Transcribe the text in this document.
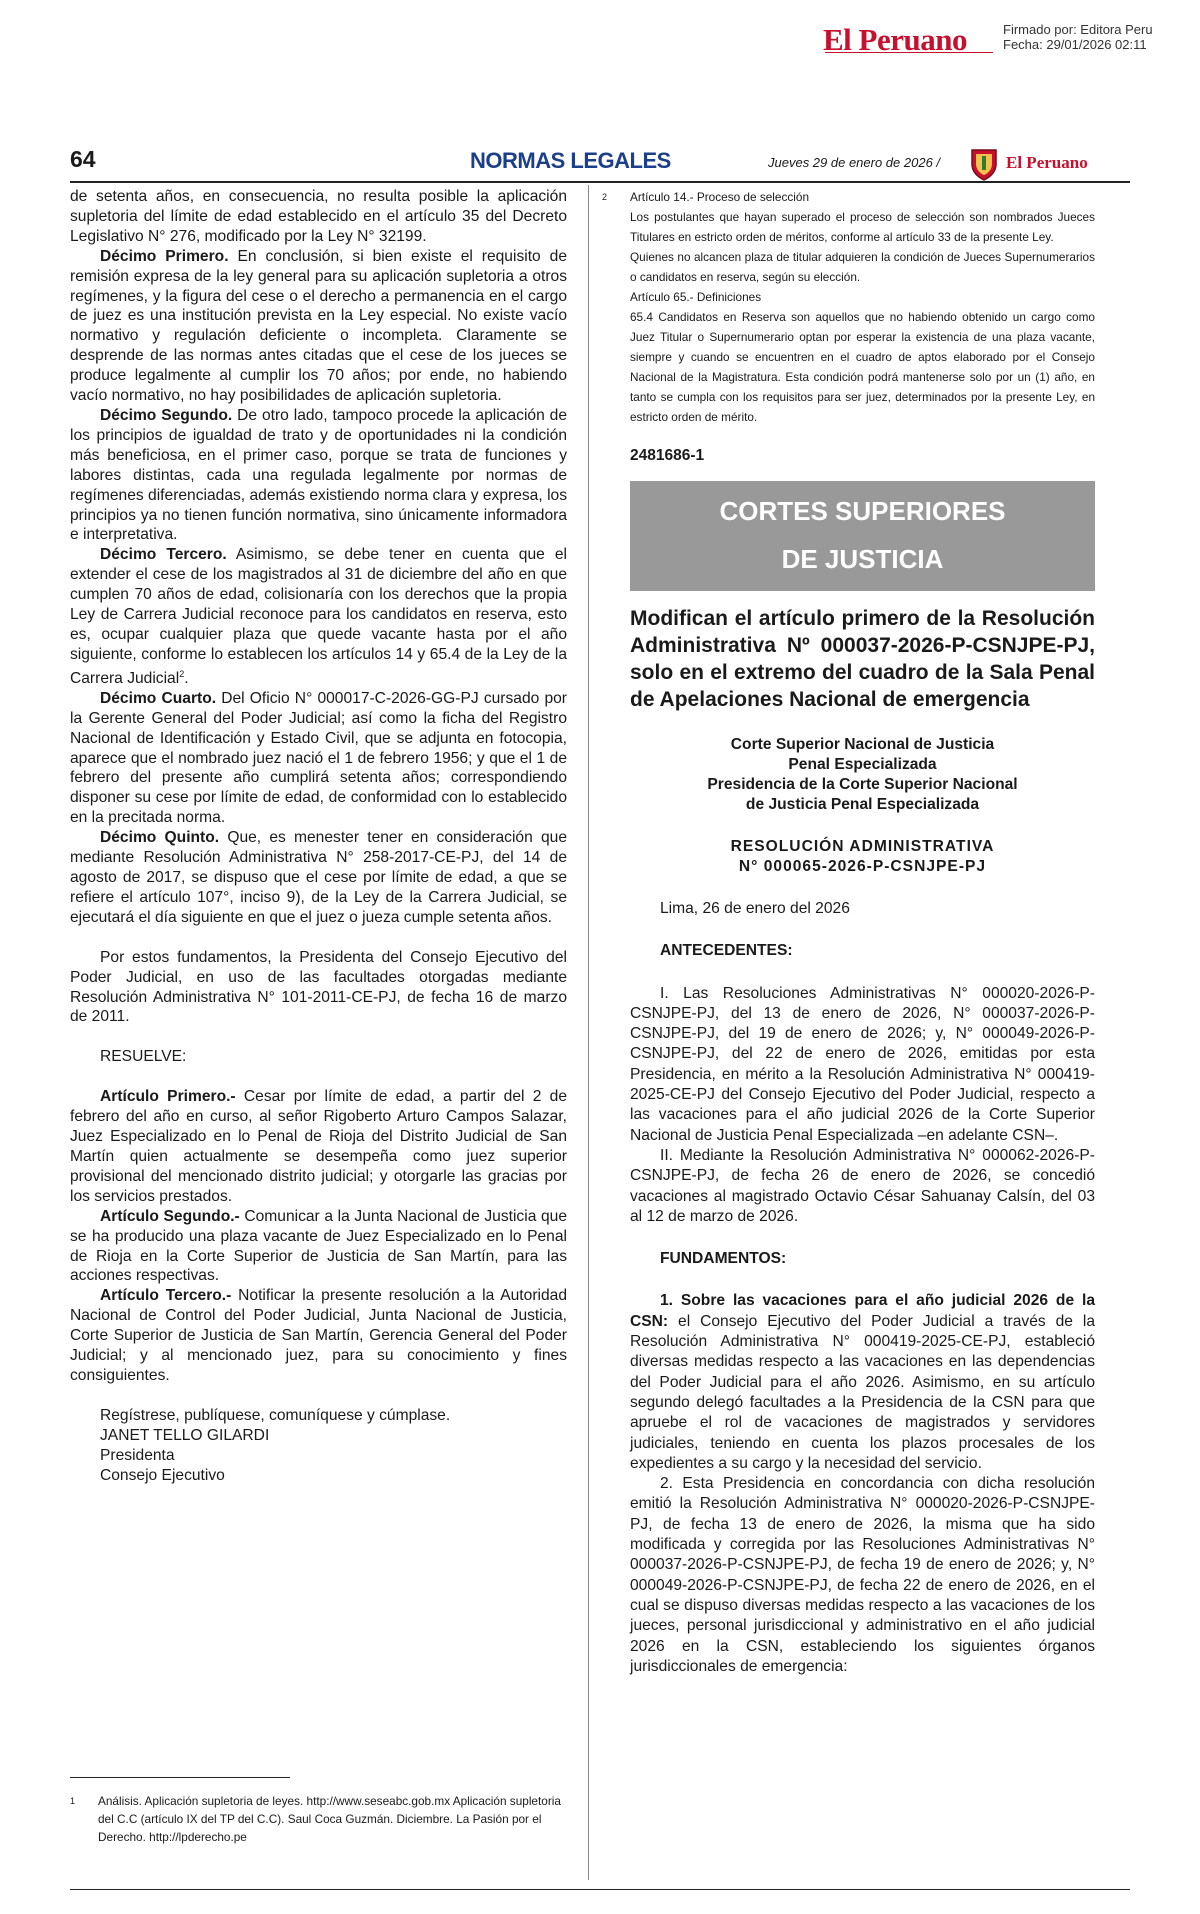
El Peruano	Firmado por: Editora Peru
Fecha: 29/01/2026 02:11
64	NORMAS LEGALES	Jueves 29 de enero de 2026 /	El Peruano

de setenta años, en consecuencia, no resulta posible la aplicación supletoria del límite de edad establecido en el artículo 35 del Decreto Legislativo N° 276, modificado por la Ley N° 32199.

Décimo Primero. En conclusión, si bien existe el requisito de remisión expresa de la ley general para su aplicación supletoria a otros regímenes, y la figura del cese o el derecho a permanencia en el cargo de juez es una institución prevista en la Ley especial. No existe vacío normativo y regulación deficiente o incompleta. Claramente se desprende de las normas antes citadas que el cese de los jueces se produce legalmente al cumplir los 70 años; por ende, no habiendo vacío normativo, no hay posibilidades de aplicación supletoria.

Décimo Segundo. De otro lado, tampoco procede la aplicación de los principios de igualdad de trato y de oportunidades ni la condición más beneficiosa, en el primer caso, porque se trata de funciones y labores distintas, cada una regulada legalmente por normas de regímenes diferenciadas, además existiendo norma clara y expresa, los principios ya no tienen función normativa, sino únicamente informadora e interpretativa.

Décimo Tercero. Asimismo, se debe tener en cuenta que el extender el cese de los magistrados al 31 de diciembre del año en que cumplen 70 años de edad, colisionaría con los derechos que la propia Ley de Carrera Judicial reconoce para los candidatos en reserva, esto es, ocupar cualquier plaza que quede vacante hasta por el año siguiente, conforme lo establecen los artículos 14 y 65.4 de la Ley de la Carrera Judicial$^2$.

Décimo Cuarto. Del Oficio N° 000017-C-2026-GG-PJ cursado por la Gerente General del Poder Judicial; así como la ficha del Registro Nacional de Identificación y Estado Civil, que se adjunta en fotocopia, aparece que el nombrado juez nació el 1 de febrero 1956; y que el 1 de febrero del presente año cumplirá setenta años; correspondiendo disponer su cese por límite de edad, de conformidad con lo establecido en la precitada norma.

Décimo Quinto. Que, es menester tener en consideración que mediante Resolución Administrativa N° 258-2017-CE-PJ, del 14 de agosto de 2017, se dispuso que el cese por límite de edad, a que se refiere el artículo 107°, inciso 9), de la Ley de la Carrera Judicial, se ejecutará el día siguiente en que el juez o jueza cumple setenta años.

Por estos fundamentos, la Presidenta del Consejo Ejecutivo del Poder Judicial, en uso de las facultades otorgadas mediante Resolución Administrativa N° 101-2011-CE-PJ, de fecha 16 de marzo de 2011.

RESUELVE:

Artículo Primero.- Cesar por límite de edad, a partir del 2 de febrero del año en curso, al señor Rigoberto Arturo Campos Salazar, Juez Especializado en lo Penal de Rioja del Distrito Judicial de San Martín quien actualmente se desempeña como juez superior provisional del mencionado distrito judicial; y otorgarle las gracias por los servicios prestados.

Artículo Segundo.- Comunicar a la Junta Nacional de Justicia que se ha producido una plaza vacante de Juez Especializado en lo Penal de Rioja en la Corte Superior de Justicia de San Martín, para las acciones respectivas.

Artículo Tercero.- Notificar la presente resolución a la Autoridad Nacional de Control del Poder Judicial, Junta Nacional de Justicia, Corte Superior de Justicia de San Martín, Gerencia General del Poder Judicial; y al mencionado juez, para su conocimiento y fines consiguientes.

Regístrese, publíquese, comuníquese y cúmplase.

JANET TELLO GILARDI

Presidenta

Consejo Ejecutivo

1 Análisis. Aplicación supletoria de leyes. http://www.seseabc.gob.mx Aplicación supletoria del C.C (artículo IX del TP del C.C). Saul Coca Guzmán. Diciembre. La Pasión por el Derecho. http://lpderecho.pe

2 Artículo 14.- Proceso de selección

Los postulantes que hayan superado el proceso de selección son nombrados Jueces Titulares en estricto orden de méritos, conforme al artículo 33 de la presente Ley.

Quienes no alcancen plaza de titular adquieren la condición de Jueces Supernumerarios o candidatos en reserva, según su elección.

Artículo 65.- Definiciones

65.4 Candidatos en Reserva son aquellos que no habiendo obtenido un cargo como Juez Titular o Supernumerario optan por esperar la existencia de una plaza vacante, siempre y cuando se encuentren en el cuadro de aptos elaborado por el Consejo Nacional de la Magistratura. Esta condición podrá mantenerse solo por un (1) año, en tanto se cumpla con los requisitos para ser juez, determinados por la presente Ley, en estricto orden de mérito.

2481686-1
CORTES SUPERIORES
DE JUSTICIA
Modifican el artículo primero de la Resolución Administrativa Nº 000037-2026-P-CSNJPE-PJ, solo en el extremo del cuadro de la Sala Penal de Apelaciones Nacional de emergencia
Corte Superior Nacional de Justicia
Penal Especializada
Presidencia de la Corte Superior Nacional
de Justicia Penal Especializada
RESOLUCIÓN ADMINISTRATIVA
N° 000065-2026-P-CSNJPE-PJ

Lima, 26 de enero del 2026

ANTECEDENTES:

I. Las Resoluciones Administrativas N° 000020-2026-P-CSNJPE-PJ, del 13 de enero de 2026, N° 000037-2026-P-CSNJPE-PJ, del 19 de enero de 2026; y, N° 000049-2026-P-CSNJPE-PJ, del 22 de enero de 2026, emitidas por esta Presidencia, en mérito a la Resolución Administrativa N° 000419-2025-CE-PJ del Consejo Ejecutivo del Poder Judicial, respecto a las vacaciones para el año judicial 2026 de la Corte Superior Nacional de Justicia Penal Especializada –en adelante CSN–.

II. Mediante la Resolución Administrativa N° 000062-2026-P-CSNJPE-PJ, de fecha 26 de enero de 2026, se concedió vacaciones al magistrado Octavio César Sahuanay Calsín, del 03 al 12 de marzo de 2026.

FUNDAMENTOS:

1. Sobre las vacaciones para el año judicial 2026 de la CSN: el Consejo Ejecutivo del Poder Judicial a través de la Resolución Administrativa N° 000419-2025-CE-PJ, estableció diversas medidas respecto a las vacaciones en las dependencias del Poder Judicial para el año 2026. Asimismo, en su artículo segundo delegó facultades a la Presidencia de la CSN para que apruebe el rol de vacaciones de magistrados y servidores judiciales, teniendo en cuenta los plazos procesales de los expedientes a su cargo y la necesidad del servicio.

2. Esta Presidencia en concordancia con dicha resolución emitió la Resolución Administrativa N° 000020-2026-P-CSNJPE-PJ, de fecha 13 de enero de 2026, la misma que ha sido modificada y corregida por las Resoluciones Administrativas N° 000037-2026-P-CSNJPE-PJ, de fecha 19 de enero de 2026; y, N° 000049-2026-P-CSNJPE-PJ, de fecha 22 de enero de 2026, en el cual se dispuso diversas medidas respecto a las vacaciones de los jueces, personal jurisdiccional y administrativo en el año judicial 2026 en la CSN, estableciendo los siguientes órganos jurisdiccionales de emergencia:
